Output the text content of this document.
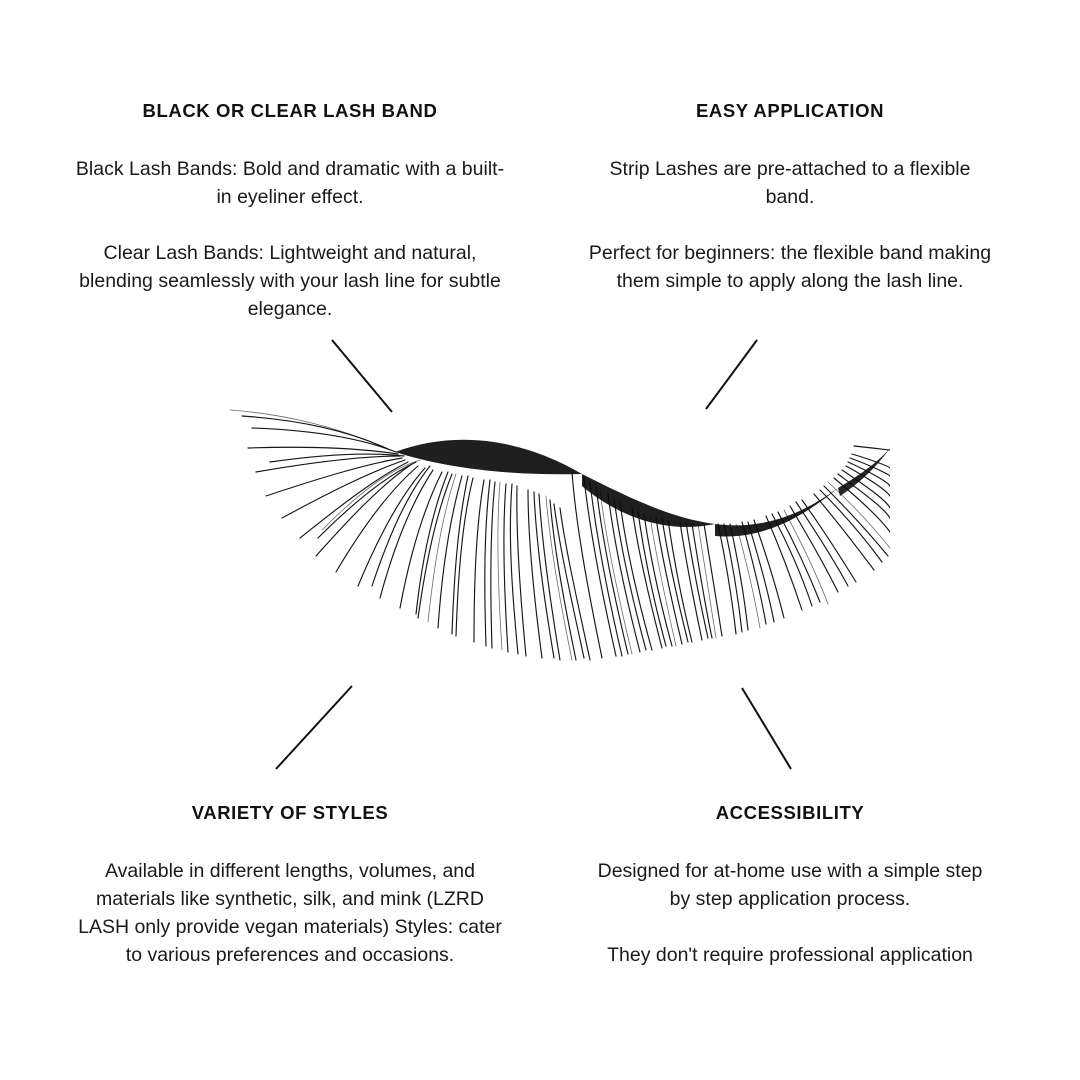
BLACK OR CLEAR LASH BAND

Black Lash Bands: Bold and dramatic with a built-in eyeliner effect.

Clear Lash Bands: Lightweight and natural, blending seamlessly with your lash line for subtle elegance.

EASY APPLICATION

Strip Lashes are pre-attached to a flexible band.

Perfect for beginners: the flexible band making them simple to apply along the lash line.

VARIETY OF STYLES

Available in different lengths, volumes, and materials like synthetic, silk, and mink (LZRD LASH only provide vegan materials) Styles: cater to various preferences and occasions.

ACCESSIBILITY

Designed for at-home use with a simple step by step application process.

They don't require professional application
